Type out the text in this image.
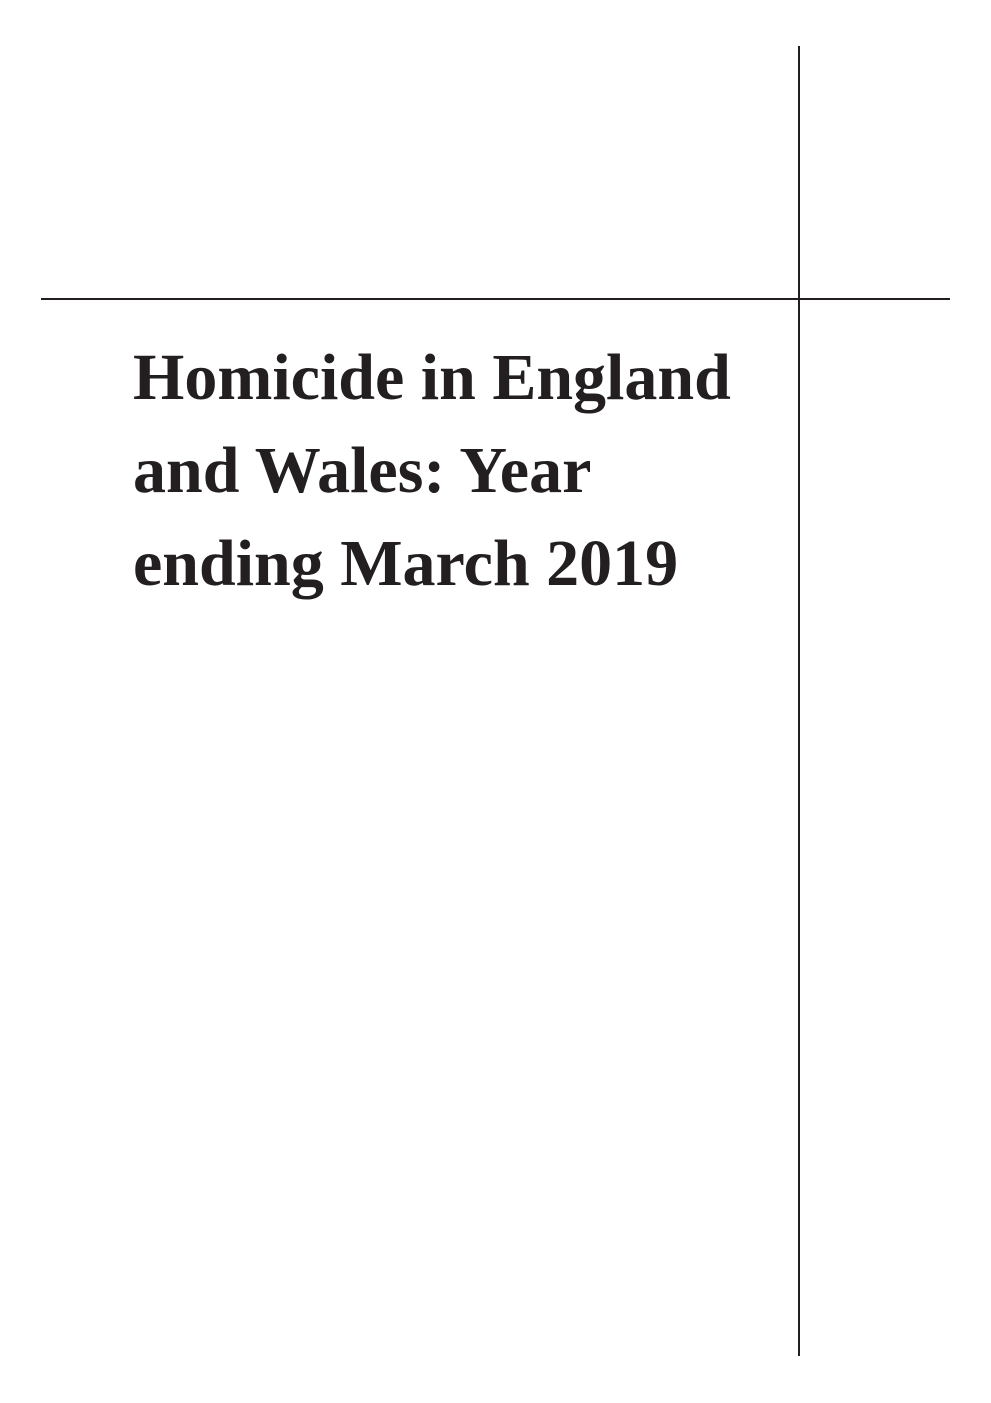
Homicide in England
and Wales: Year
ending March 2019
